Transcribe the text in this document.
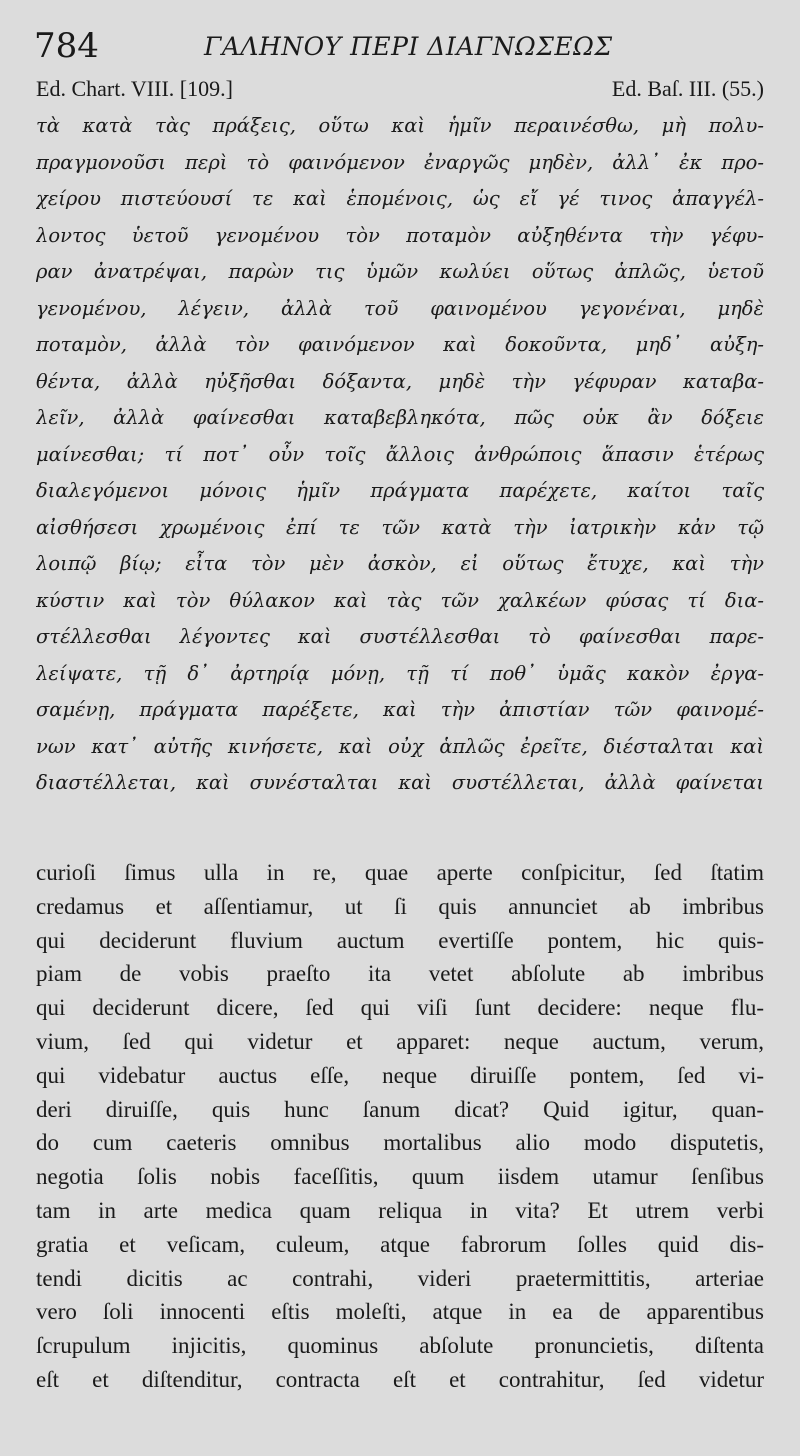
784	ΓΑΛΗΝΟΥ ΠΕΡΙ ΔΙΑΓΝΩΣΕΩΣ
Ed. Chart. VIII. [109.]	Ed. Baſ. III. (55.)
τὰ κατὰ τὰς πράξεις, οὕτω καὶ ἡμῖν περαινέσθω, μὴ πολυ-
πραγμονοῦσι περὶ τὸ φαινόμενον ἐναργῶς μηδὲν, ἀλλ᾽ ἐκ προ-
χείρου πιστεύουσί τε καὶ ἑπομένοις, ὡς εἴ γέ τινος ἀπαγγέλ-
λοντος ὑετοῦ γενομένου τὸν ποταμὸν αὐξηθέντα τὴν γέφυ-
ραν ἀνατρέψαι, παρὼν τις ὑμῶν κωλύει οὕτως ἁπλῶς, ὑετοῦ
γενομένου, λέγειν, ἀλλὰ τοῦ φαινομένου γεγονέναι, μηδὲ
ποταμὸν, ἀλλὰ τὸν φαινόμενον καὶ δοκοῦντα, μηδ᾽ αὐξη-
θέντα, ἀλλὰ ηὐξῆσθαι δόξαντα, μηδὲ τὴν γέφυραν καταβα-
λεῖν, ἀλλὰ φαίνεσθαι καταβεβληκότα, πῶς οὐκ ἂν δόξειε
μαίνεσθαι; τί ποτ᾽ οὖν τοῖς ἄλλοις ἀνθρώποις ἅπασιν ἑτέρως
διαλεγόμενοι μόνοις ἡμῖν πράγματα παρέχετε, καίτοι ταῖς
αἰσθήσεσι χρωμένοις ἐπί τε τῶν κατὰ τὴν ἰατρικὴν κἀν τῷ
λοιπῷ βίῳ; εἶτα τὸν μὲν ἀσκὸν, εἰ οὕτως ἔτυχε, καὶ τὴν
κύστιν καὶ τὸν θύλακον καὶ τὰς τῶν χαλκέων φύσας τί δια-
στέλλεσθαι λέγοντες καὶ συστέλλεσθαι τὸ φαίνεσθαι παρε-
λείψατε, τῇ δ᾽ ἀρτηρίᾳ μόνῃ, τῇ τί ποθ᾽ ὑμᾶς κακὸν ἐργα-
σαμένῃ, πράγματα παρέξετε, καὶ τὴν ἀπιστίαν τῶν φαινομέ-
νων κατ᾽ αὐτῆς κινήσετε, καὶ οὐχ ἁπλῶς ἐρεῖτε, διέσταλται καὶ
διαστέλλεται, καὶ συνέσταλται καὶ συστέλλεται, ἀλλὰ φαίνεται
curioſi ſimus ulla in re, quae aperte conſpicitur, ſed ſtatim
credamus et aſſentiamur, ut ſi quis annunciet ab imbribus
qui deciderunt fluvium auctum evertiſſe pontem, hic quis-
piam de vobis praeſto ita vetet abſolute ab imbribus
qui deciderunt dicere, ſed qui viſi ſunt decidere: neque flu-
vium, ſed qui videtur et apparet: neque auctum, verum,
qui videbatur auctus eſſe, neque diruiſſe pontem, ſed vi-
deri diruiſſe, quis hunc ſanum dicat? Quid igitur, quan-
do cum caeteris omnibus mortalibus alio modo disputetis,
negotia ſolis nobis faceſſitis, quum iisdem utamur ſenſibus
tam in arte medica quam reliqua in vita? Et utrem verbi
gratia et veſicam, culeum, atque fabrorum ſolles quid dis-
tendi dicitis ac contrahi, videri praetermittitis, arteriae
vero ſoli innocenti eſtis moleſti, atque in ea de apparentibus
ſcrupulum injicitis, quominus abſolute pronuncietis, diſtenta
eſt et diſtenditur, contracta eſt et contrahitur, ſed videtur
